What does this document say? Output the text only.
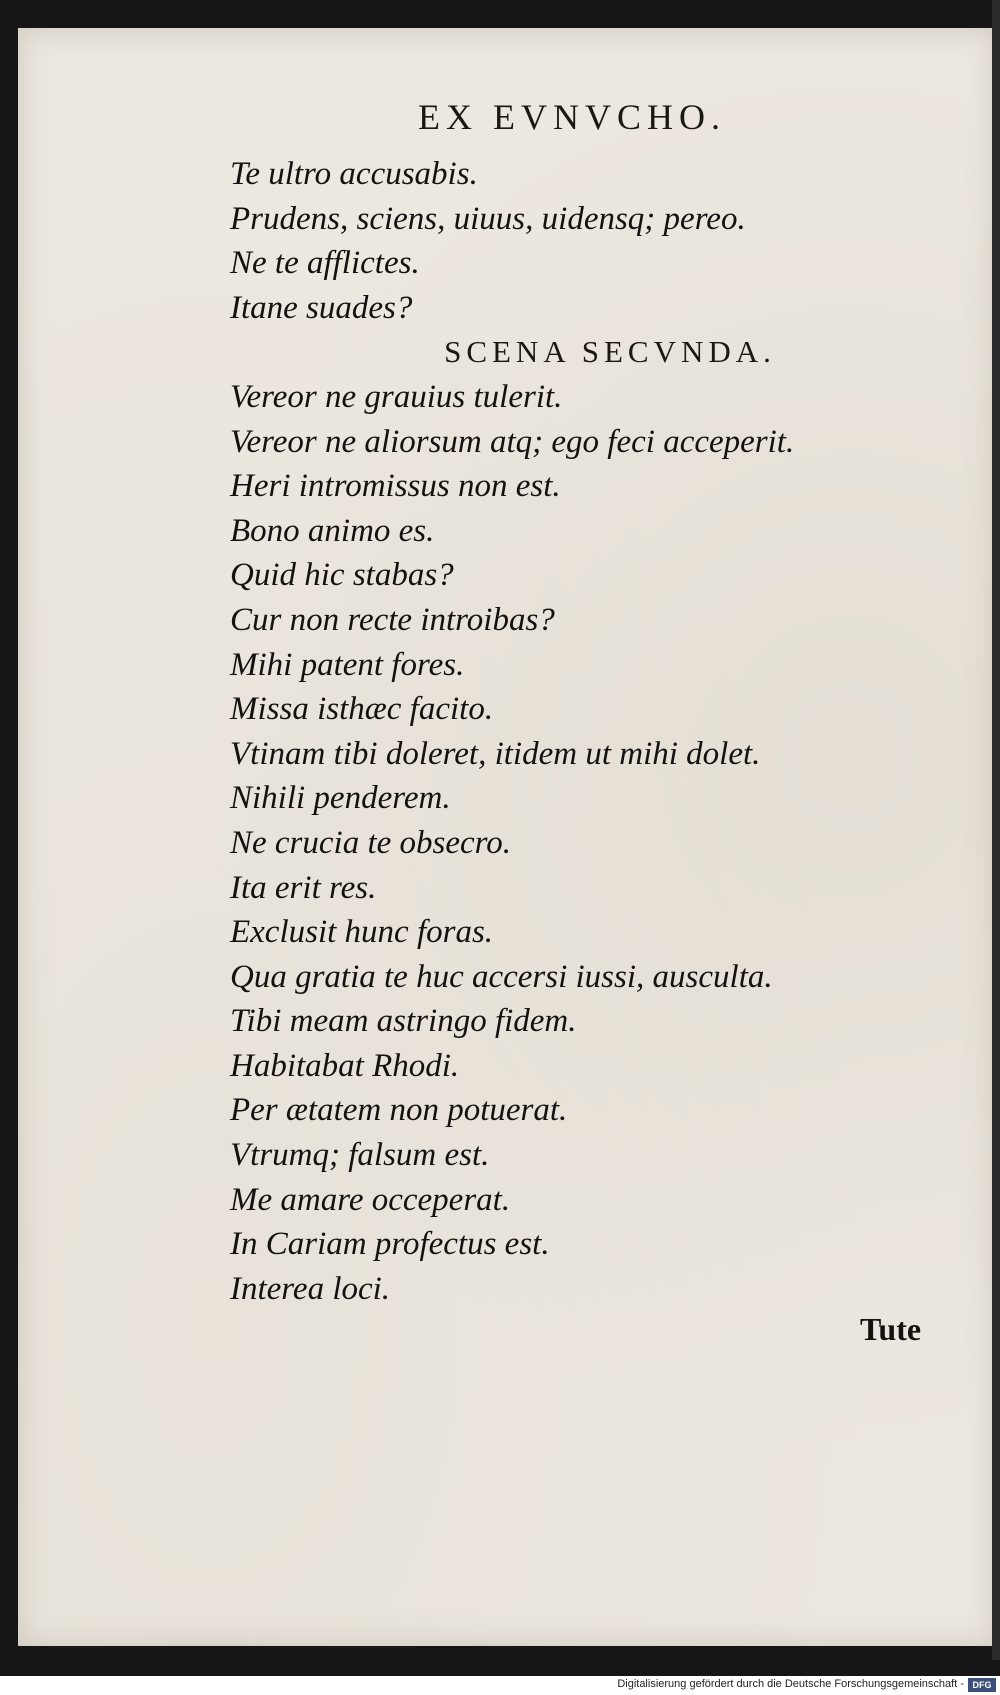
EX EVNVCHO.
Te ultro accusabis.
Prudens, sciens, uiuus, uidensq; pereo.
Ne te afflictes.
Itane suades?
SCENA SECVNDA.
Vereor ne grauius tulerit.
Vereor ne aliorsum atq; ego feci acceperit.
Heri intromissus non est.
Bono animo es.
Quid hic stabas?
Cur non recte introibas?
Mihi patent fores.
Missa isthæc facito.
Vtinam tibi doleret, itidem ut mihi dolet.
Nihili penderem.
Ne crucia te obsecro.
Ita erit res.
Exclusit hunc foras.
Qua gratia te huc accersi iussi, ausculta.
Tibi meam astringo fidem.
Habitabat Rhodi.
Per ætatem non potuerat.
Vtrumq; falsum est.
Me amare occeperat.
In Cariam profectus est.
Interea loci.
Tute
Digitalisierung gefördert durch die Deutsche Forschungsgemeinschaft - DFG
